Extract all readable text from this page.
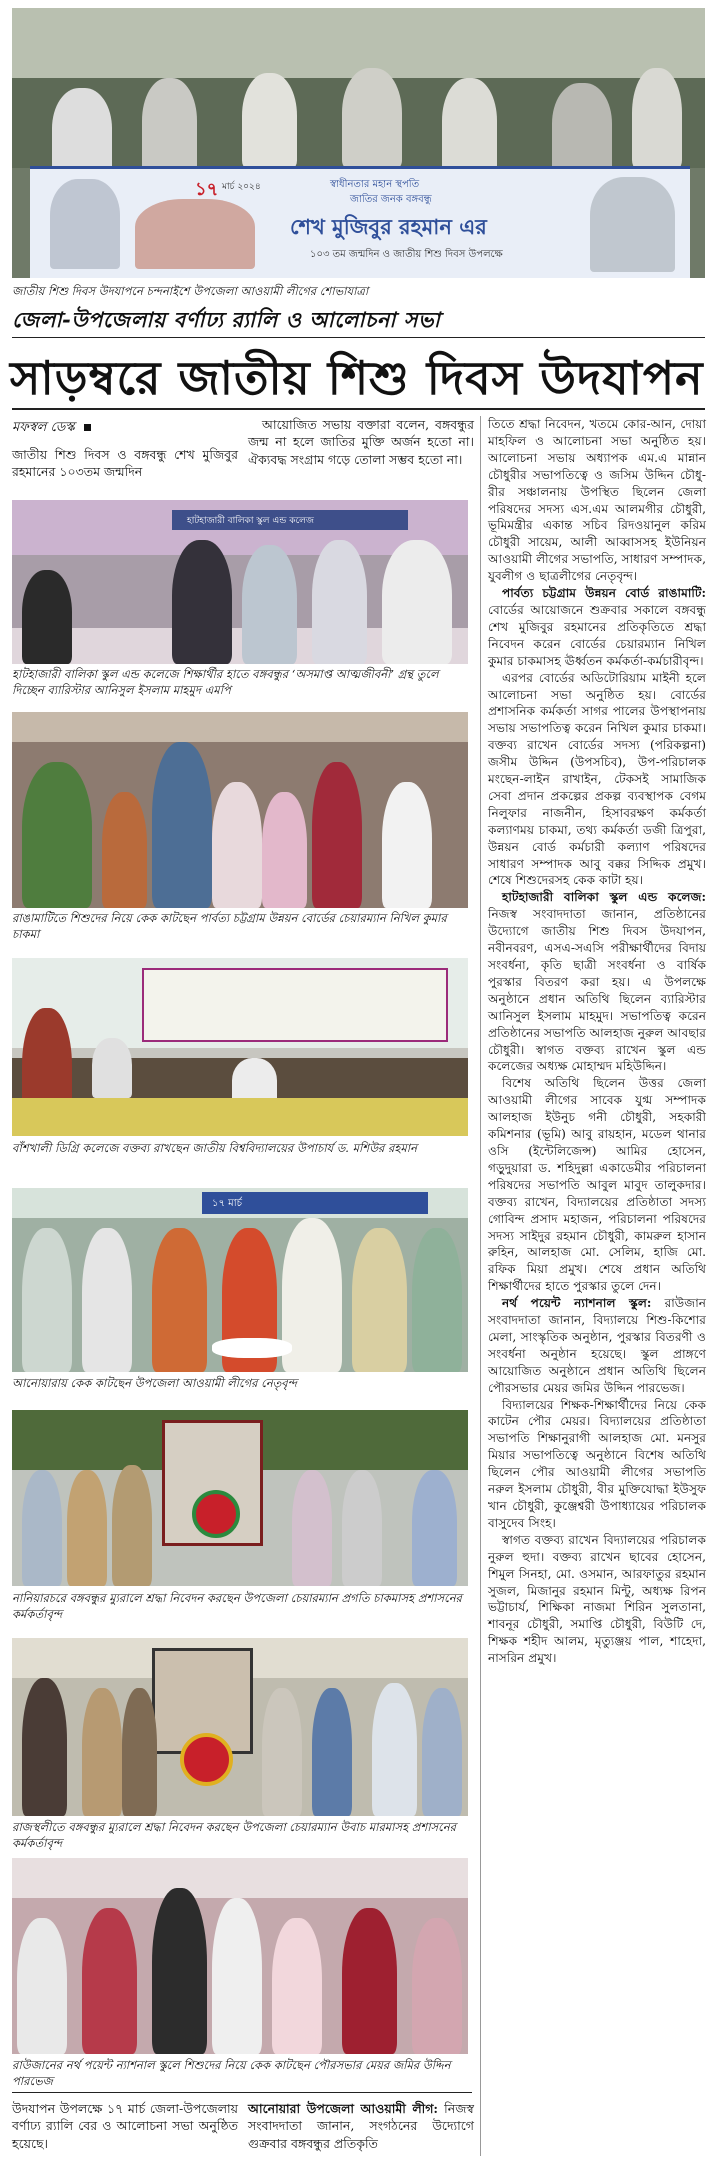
১৭ মার্চ ২০২৪	স্বাধীনতার মহান স্থপতি
জাতির জনক বঙ্গবন্ধু
শেখ মুজিবুর রহমান এর
১০৩ তম জন্মদিন ও জাতীয় শিশু দিবস উপলক্ষে
জাতীয় শিশু দিবস উদযাপনে চন্দনাইশে উপজেলা আওয়ামী লীগের শোভাযাত্রা
জেলা-উপজেলায় বর্ণাঢ্য র‍্যালি ও আলোচনা সভা
সাড়ম্বরে জাতীয় শিশু দিবস উদযাপন
মফস্বল ডেস্ক

জাতীয় শিশু দিবস ও বঙ্গবন্ধু শেখ মুজিবুর রহমানের ১০৩তম জন্মদিন

আয়োজিত সভায় বক্তারা বলেন, বঙ্গবন্ধুর জন্ম না হলে জাতির মুক্তি অর্জন হতো না। ঐক্যবদ্ধ সংগ্রাম গড়ে তোলা সম্ভব হতো না।

হাটহাজারী বালিকা স্কুল এন্ড কলেজ
হাটহাজারী বালিকা স্কুল এন্ড কলেজে শিক্ষার্থীর হাতে বঙ্গবন্ধুর ‘অসমাপ্ত আত্মজীবনী’ গ্রন্থ তুলে দিচ্ছেন ব্যারিস্টার আনিসুল ইসলাম মাহমুদ এমপি
রাঙামাটিতে শিশুদের নিয়ে কেক কাটছেন পার্বত্য চট্টগ্রাম উন্নয়ন বোর্ডের চেয়ারম্যান নিখিল কুমার চাকমা
বাঁশখালী ডিগ্রি কলেজে বক্তব্য রাখছেন জাতীয় বিশ্ববিদ্যালয়ের উপাচার্য ড. মশিউর রহমান
১৭ মার্চ
আনোয়ারায় কেক কাটছেন উপজেলা আওয়ামী লীগের নেতৃবৃন্দ
নানিয়ারচরে বঙ্গবন্ধুর ম্যুরালে শ্রদ্ধা নিবেদন করছেন উপজেলা চেয়ারম্যান প্রগতি চাকমাসহ প্রশাসনের কর্মকর্তাবৃন্দ
রাজস্থলীতে বঙ্গবন্ধুর ম্যুরালে শ্রদ্ধা নিবেদন করছেন উপজেলা চেয়ারম্যান উবাচ মারমাসহ প্রশাসনের কর্মকর্তাবৃন্দ
রাউজানের নর্থ পয়েন্ট ন্যাশনাল স্কুলে শিশুদের নিয়ে কেক কাটছেন পৌরসভার মেয়র জমির উদ্দিন পারভেজ

উদযাপন উপলক্ষে ১৭ মার্চ জেলা-উপজেলায় বর্ণাঢ্য র‍্যালি বের ও আলোচনা সভা অনুষ্ঠিত হয়েছে।

আনোয়ারা উপজেলা আওয়ামী লীগ: নিজস্ব সংবাদদাতা জানান, সংগঠনের উদ্যোগে গুক্রবার বঙ্গবন্ধুর প্রতিকৃতি

তিতে শ্রদ্ধা নিবেদন, খতমে কোর-আন, দোয়া মাহফিল ও আলোচনা সভা অনুষ্ঠিত হয়। আলোচনা সভায় অধ্যাপক এম.এ মান্নান চৌধুরীর সভাপতিত্বে ও জসিম উদ্দিন চৌধু-রীর সঞ্চালনায় উপস্থিত ছিলেন জেলা পরিষদের সদস্য এস.এম আলমগীর চৌধুরী, ভূমিমন্ত্রীর একান্ত সচিব রিদওয়ানুল করিম চৌধুরী সায়েম, আলী আব্বাসসহ ইউনিয়ন আওয়ামী লীগের সভাপতি, সাধারণ সম্পাদক, যুবলীগ ও ছাত্রলীগের নেতৃবৃন্দ।

পার্বত্য চট্টগ্রাম উন্নয়ন বোর্ড রাঙামাটি: বোর্ডের আয়োজনে শুক্রবার সকালে বঙ্গবন্ধু শেখ মুজিবুর রহমানের প্রতিকৃতিতে শ্রদ্ধা নিবেদন করেন বোর্ডের চেয়ারম্যান নিখিল কুমার চাকমাসহ ঊর্ধ্বতন কর্মকর্তা-কর্মচারীবৃন্দ।

এরপর বোর্ডের অডিটোরিয়াম মাইনী হলে আলোচনা সভা অনুষ্ঠিত হয়। বোর্ডের প্রশাসনিক কর্মকর্তা সাগর পালের উপস্থাপনায় সভায় সভাপতিত্ব করেন নিখিল কুমার চাকমা। বক্তব্য রাখেন বোর্ডের সদস্য (পরিকল্পনা) জসীম উদ্দিন (উপসচিব), উপ-পরিচালক মংছেন-লাইন রাখাইন, টেকসই সামাজিক সেবা প্রদান প্রকল্পের প্রকল্প ব্যবস্থাপক বেগম নিলুফার নাজনীন, হিসাবরক্ষণ কর্মকর্তা কল্যাণময় চাকমা, তথ্য কর্মকর্তা ডজী ত্রিপুরা, উন্নয়ন বোর্ড কর্মচারী কল্যাণ পরিষদের সাধারণ সম্পাদক আবু বক্কর সিদ্দিক প্রমুখ। শেষে শিশুদেরসহ কেক কাটা হয়।

হাটহাজারী বালিকা স্কুল এন্ড কলেজ: নিজস্ব সংবাদদাতা জানান, প্রতিষ্ঠানের উদ্যোগে জাতীয় শিশু দিবস উদযাপন, নবীনবরণ, এসএ-সএসি পরীক্ষার্থীদের বিদায় সংবর্ধনা, কৃতি ছাত্রী সংবর্ধনা ও বার্ষিক পুরস্কার বিতরণ করা হয়। এ উপলক্ষে অনুষ্ঠানে প্রধান অতিথি ছিলেন ব্যারিস্টার আনিসুল ইসলাম মাহমুদ। সভাপতিত্ব করেন প্রতিষ্ঠানের সভাপতি আলহাজ নুরুল আবছার চৌধুরী। স্বাগত বক্তব্য রাখেন স্কুল এন্ড কলেজের অধ্যক্ষ মোহাম্মদ মহিউদ্দিন।

বিশেষ অতিথি ছিলেন উত্তর জেলা আওয়ামী লীগের সাবেক যুগ্ম সম্পাদক আলহাজ ইউনুচ গনী চৌধুরী, সহকারী কমিশনার (ভূমি) আবু রায়হান, মডেল থানার ওসি (ইন্টেলিজেন্স) আমির হোসেন, গড়ুদুয়ারা ড. শহিদুল্লা একাডেমীর পরিচালনা পরিষদের সভাপতি আবুল মাবুদ তালুকদার। বক্তব্য রাখেন, বিদ্যালয়ের প্রতিষ্ঠাতা সদস্য গোবিন্দ প্রসাদ মহাজন, পরিচালনা পরিষদের সদস্য সাইদুর রহমান চৌধুরী, কামরুল হাসান রুহিন, আলহাজ মো. সেলিম, হাজি মো. রফিক মিয়া প্রমুখ। শেষে প্রধান অতিথি শিক্ষার্থীদের হাতে পুরস্কার তুলে দেন।

নর্থ পয়েন্ট ন্যাশনাল স্কুল: রাউজান সংবাদদাতা জানান, বিদ্যালয়ে শিশু-কিশোর মেলা, সাংস্কৃতিক অনুষ্ঠান, পুরস্কার বিতরণী ও সংবর্ধনা অনুষ্ঠান হয়েছে। স্কুল প্রাঙ্গণে আয়োজিত অনুষ্ঠানে প্রধান অতিথি ছিলেন পৌরসভার মেয়র জমির উদ্দিন পারভেজ।

বিদ্যালয়ের শিক্ষক-শিক্ষার্থীদের নিয়ে কেক কাটেন পৌর মেয়র। বিদ্যালয়ের প্রতিষ্ঠাতা সভাপতি শিক্ষানুরাগী আলহাজ মো. মনসুর মিয়ার সভাপতিত্বে অনুষ্ঠানে বিশেষ অতিথি ছিলেন পৌর আওয়ামী লীগের সভাপতি নরুল ইসলাম চৌধুরী, বীর মুক্তিযোদ্ধা ইউসুফ খান চৌধুরী, কুঞ্জেশ্বরী উপাধ্যায়ের পরিচালক বাসুদেব সিংহ।

স্বাগত বক্তব্য রাখেন বিদ্যালয়ের পরিচালক নুরুল হুদা। বক্তব্য রাখেন ছাবের হোসেন, শিমুল সিনহা, মো. ওসমান, আরফাতুর রহমান সুজল, মিজানুর রহমান মিন্টু, অধ্যক্ষ রিপন ভট্টাচার্য, শিক্ষিকা নাজমা শিরিন সুলতানা, শাবনূর চৌধুরী, সমাপ্তি চৌধুরী, বিউটি দে, শিক্ষক শহীদ আলম, মৃত্যুঞ্জয় পাল, শাহেদা, নাসরিন প্রমুখ।
